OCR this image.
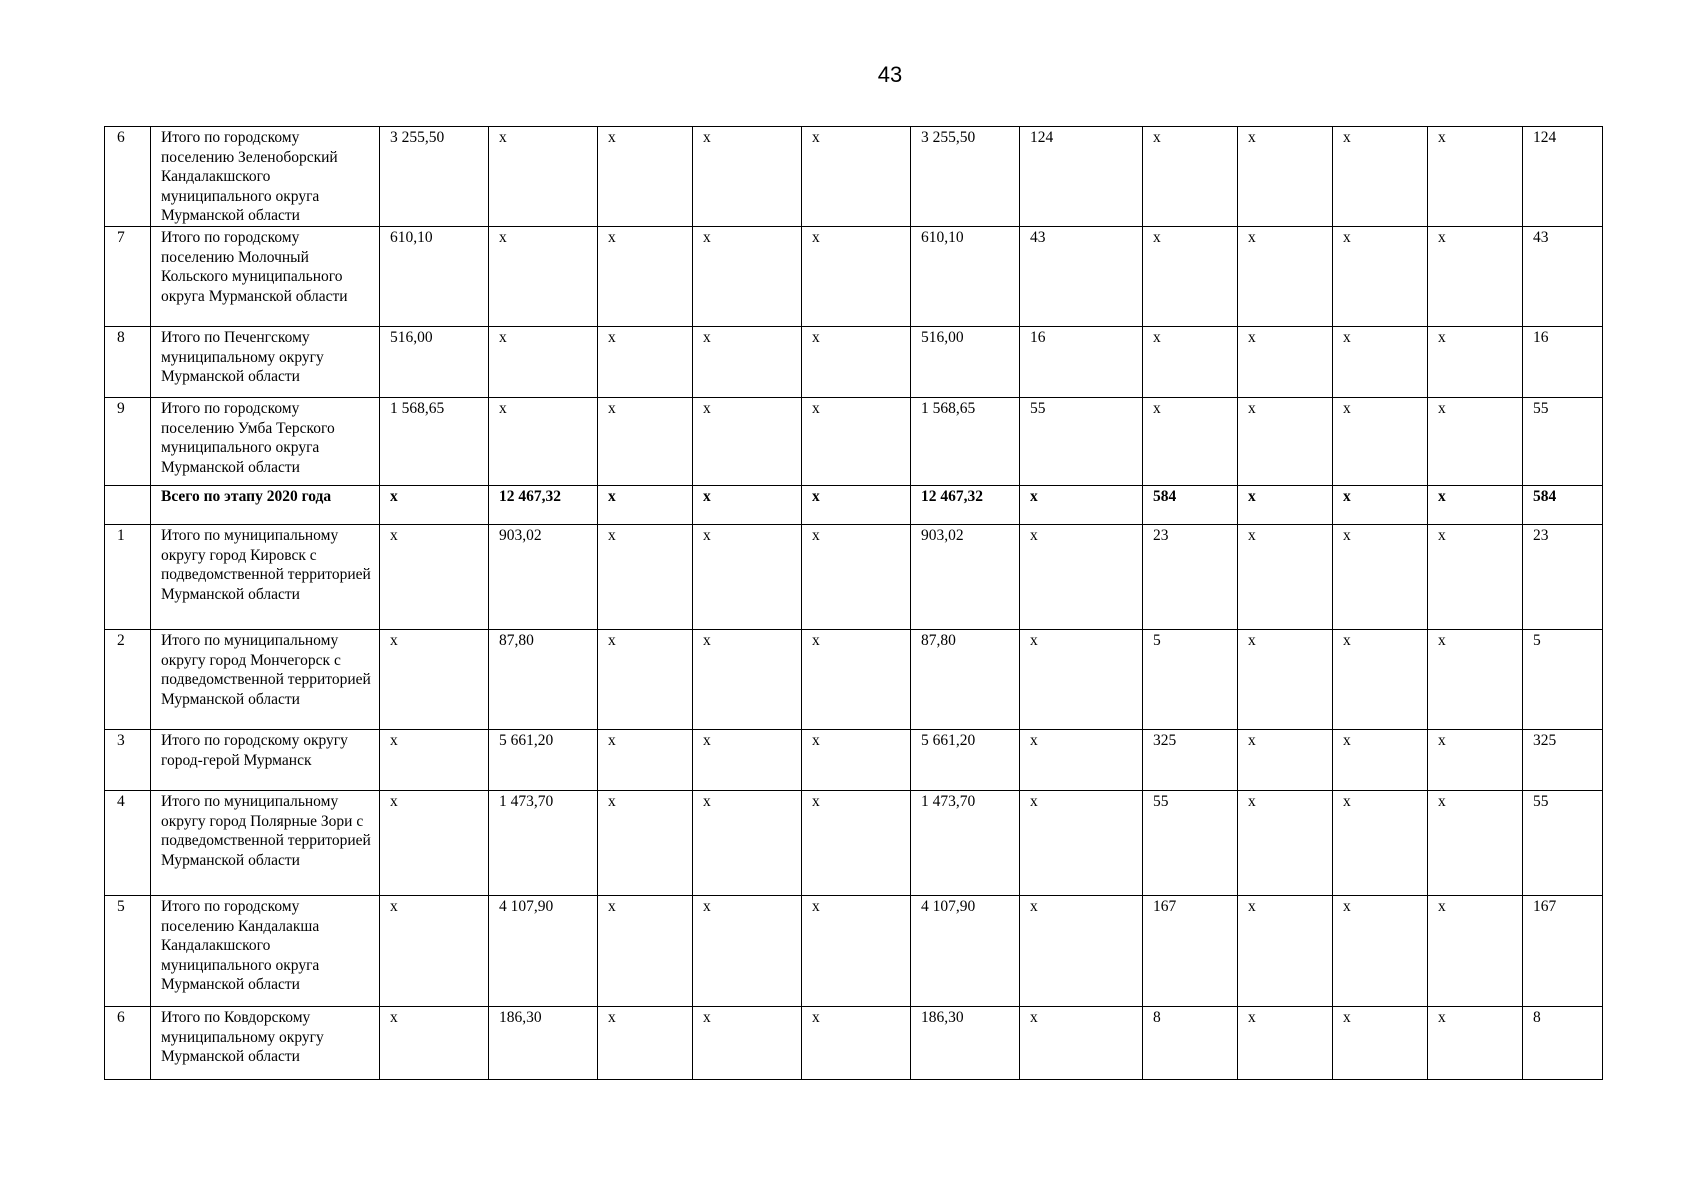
43
6	Итого по городскому поселению Зеленоборский Кандалакшского муниципального округа Мурманской области	3 255,50	x	x	x	x	3 255,50	124	x	x	x	x	124
7	Итого по городскому поселению Молочный Кольского муниципального округа Мурманской области	610,10	x	x	x	x	610,10	43	x	x	x	x	43
8	Итого по Печенгскому муниципальному округу Мурманской области	516,00	x	x	x	x	516,00	16	x	x	x	x	16
9	Итого по городскому поселению Умба Терского муниципального округа Мурманской области	1 568,65	x	x	x	x	1 568,65	55	x	x	x	x	55
	Всего по этапу 2020 года	x	12 467,32	x	x	x	12 467,32	x	584	x	x	x	584
1	Итого по муниципальному округу город Кировск с подведомственной территорией Мурманской области	x	903,02	x	x	x	903,02	x	23	x	x	x	23
2	Итого по муниципальному округу город Мончегорск с подведомственной территорией Мурманской области	x	87,80	x	x	x	87,80	x	5	x	x	x	5
3	Итого по городскому округу город-герой Мурманск	x	5 661,20	x	x	x	5 661,20	x	325	x	x	x	325
4	Итого по муниципальному округу город Полярные Зори с подведомственной территорией Мурманской области	x	1 473,70	x	x	x	1 473,70	x	55	x	x	x	55
5	Итого по городскому поселению Кандалакша Кандалакшского муниципального округа Мурманской области	x	4 107,90	x	x	x	4 107,90	x	167	x	x	x	167
6	Итого по Ковдорскому муниципальному округу Мурманской области	x	186,30	x	x	x	186,30	x	8	x	x	x	8
